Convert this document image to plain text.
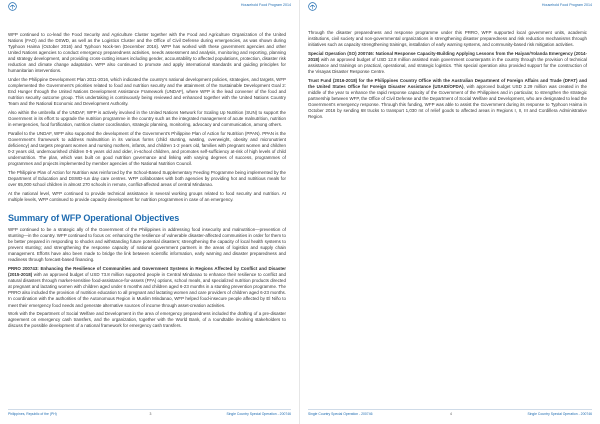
Household Food Program 2014

WFP continued to co-lead the Food Security and Agriculture Cluster together with the Food and Agriculture Organization of the United Nations (FAO) and the DSWD, as well as the Logistics Cluster and the Office of Civil Defense during emergencies, as was shown during Typhoon Haima (October 2016) and Typhoon Nock-ten (December 2016). WFP has worked with these government agencies and other United Nations agencies to conduct emergency preparedness activities, needs assessment and analysis, monitoring and reporting, planning and strategy development, and providing cross-cutting issues including gender, accountability to affected populations, protection, disaster risk reduction and climate change adaptation. WFP also continued to promote and apply international standards and guiding principles for humanitarian interventions.

Under the Philippine Development Plan 2011-2016, which indicated the country's national development policies, strategies, and targets, WFP complemented the Government's priorities related to food and nutrition security and the attainment of the Sustainable Development Goal 2: End Hunger through the United Nations Development Assistance Framework (UNDAF), where WFP is the lead convener of the food and nutrition security outcome group. This undertaking is continuously being reviewed and enhanced together with the United Nations Country Team and the National Economic and Development Authority.

Also within the umbrella of the UNDAF, WFP is actively involved in the United Nations Network for Scaling Up Nutrition (SUN) to support the Government in its effort to upgrade the nutrition programme in the country such as the integrated management of acute malnutrition, nutrition in emergencies, food fortification, nutrition cluster coordination, strategic planning, monitoring, advocacy and communication, among others.

Parallel to the UNDAF, WFP also supported the development of the Government's Philippine Plan of Action for Nutrition (PPAN). PPAN is the Government's framework to address malnutrition in its various forms (child stunting, wasting, overweight, obesity and micronutrient deficiency) and targets pregnant women and nursing mothers, infants, and children 1-2 years old, families with pregnant women and children 0-2 years old, undernourished children 0-5 years old and older, in-school children, and promotes self-sufficiency at-risk of high levels of child undernutrition. The plan, which was built on good nutrition governance and linking with varying degrees of success, programmes of programmes and projects implemented by member agencies of the National Nutrition Council.

The Philippine Plan of Action for Nutrition was reinforced by the School-Based Supplementary Feeding Programme being implemented by the Department of Education and DSWD-run day care centres. WFP collaborates with both agencies by providing hot and nutritious meals for over 65,000 school children in almost 270 schools in remote, conflict-affected areas of central Mindanao.

At the national level, WFP continued to provide technical assistance in several working groups related to food security and nutrition. At multiple levels, WFP continued to provide capacity development for nutrition programmes in case of an emergency.

Summary of WFP Operational Objectives

WFP continued to be a strategic ally of the Government of the Philippines in addressing food insecurity and malnutrition—prevention of stunting—in the country. WFP continued to focus on: enhancing the resilience of vulnerable disaster-affected communities in order for them to be better prepared in responding to shocks and withstanding future potential disasters; strengthening the capacity of local health systems to prevent stunting; and strengthening the response capacity of national government partners in the areas of logistics and supply chain management. Efforts have also been made to bridge the link between scientific information, early warning and disaster preparedness and readiness through forecast-based financing.

PRRO 200743: Enhancing the Resilience of Communities and Government Systems in Regions Affected by Conflict and Disaster (2015-2018) with an approved budget of USD 73.8 million supported people in Central Mindanao to enhance their resilience to conflict and natural disasters through market-sensitive food-assistance-for-assets (FFA) options, school meals, and specialized nutrition products directed at pregnant and lactating women with children aged under 6 months and children aged 6-23 months in a stunting prevention programme. The PRRO also included the provision of nutrition education to all pregnant and lactating women and care providers of children aged 6-23 months. In coordination with the authorities of the Autonomous Region in Muslim Mindanao, WFP helped food-insecure people affected by El Niño to meet their emergency food needs and generate alternative sources of income through asset-creation activities.

Work with the Department of Social Welfare and Development in the area of emergency preparedness included the drafting of a pre-disaster agreement on emergency cash transfers, and the organization, together with the World Bank, of a roundtable involving stakeholders to discuss the possible development of a national framework for emergency cash transfers.

Philippines, Republic of the (PH)	3	Single Country Special Operation - 200746
Household Food Program 2014

Through the disaster preparedness and response programme under this PRRO, WFP supported local government units, academic institutions, civil society and non-governmental organizations in strengthening disaster preparedness and risk reduction mechanisms through initiatives such as capacity strengthening trainings, installation of early warning systems, and community-based risk mitigation activities.

Special Operation (SO) 200746: National Response Capacity-Building Applying Lessons from the Haiyan/Yolanda Emergency (2014-2018) with an approved budget of USD 12.8 million assisted main government counterparts in the country through the provision of technical assistance and trainings on practical, operational, and strategic logistics. This special operation also provided support for the construction of the Visayas Disaster Response Centre.

Trust Fund (2016-2018) for the Philippines Country Office with the Australian Department of Foreign Affairs and Trade (DFAT) and the United States Office for Foreign Disaster Assistance (USAID/OFDA), with approved budget USD 2.29 million was created in the middle of the year to enhance the rapid response capacity of the Government of the Philippines and in particular, to strengthen the strategic partnership between WFP, the Office of Civil Defense and the Department of Social Welfare and Development, who are designated to lead the Government's emergency response. Through this funding, WFP was able to assist the Government during its response to Typhoon Haima in October 2016 by sending 68 trucks to transport 1,030 mt of relief goods to affected areas in Regions I, II, III and Cordillera Administrative Region.

Single Country Special Operation - 200746	4	Single Country Special Operation - 200746
